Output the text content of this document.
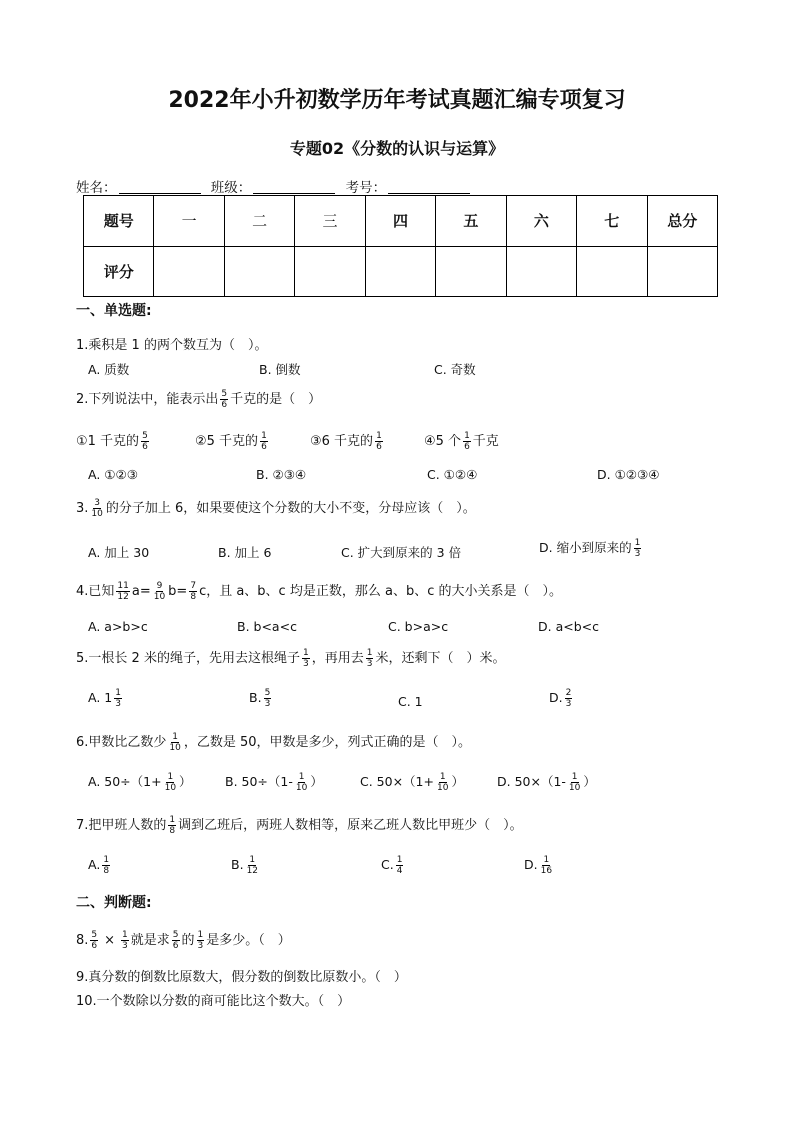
2022年小升初数学历年考试真题汇编专项复习
专题02《分数的认识与运算》
姓名：	班级：	考号：
题号	一	二	三	四	五	六	七	总分
评分								
一、单选题:
1.乘积是 1 的两个数互为（　）。
A. 质数	B. 倒数	C. 奇数
2.下列说法中，能表示出 $\frac{5}{6}$ 千克的是（　）
①1 千克的 $\frac{5}{6}$	②5 千克的 $\frac{1}{6}$	③6 千克的 $\frac{1}{6}$	④5 个 $\frac{1}{6}$ 千克
A. ①②③	B. ②③④	C. ①②④	D. ①②③④
3. $\frac{3}{10}$ 的分子加上 6，如果要使这个分数的大小不变，分母应该（　）。
A. 加上 30	B. 加上 6	C. 扩大到原来的 3 倍	D. 缩小到原来的 $\frac{1}{3}$
4.已知 $\frac{11}{12} a= \frac{9}{10} b= \frac{7}{8}$ c，且 a、b、c 均是正数，那么 a、b、c 的大小关系是（　）。
A. a>b>c	B. b<a<c	C. b>a>c	D. a<b<c
5.一根长 2 米的绳子，先用去这根绳子 $\frac{1}{3}$ ，再用去 $\frac{1}{3}$ 米，还剩下（　）米。
A. $1 \frac{1}{3}$	B. $\frac{5}{3}$	C. 1	D. $\frac{2}{3}$
6.甲数比乙数少 $\frac{1}{10}$ ，乙数是 50，甲数是多少，列式正确的是（　）。
A. $50\div(1+ \frac{1}{10}$ ）	B. $50\div(1- \frac{1}{10}$ ）	C. $50\times(1+ \frac{1}{10}$ ）	D. $50\times(1- \frac{1}{10}$ ）
7.把甲班人数的 $\frac{1}{8}$ 调到乙班后，两班人数相等，原来乙班人数比甲班少（　）。
A. $\frac{1}{8}$	B. $\frac{1}{12}$	C. $\frac{1}{4}$	D. $\frac{1}{16}$
二、判断题:
8. $\frac{5}{6} \times \frac{1}{3}$ 就是求 $\frac{5}{6}$ 的 $\frac{1}{3}$ 是多少。（　）
9.真分数的倒数比原数大，假分数的倒数比原数小。（　）
10.一个数除以分数的商可能比这个数大。（　）
